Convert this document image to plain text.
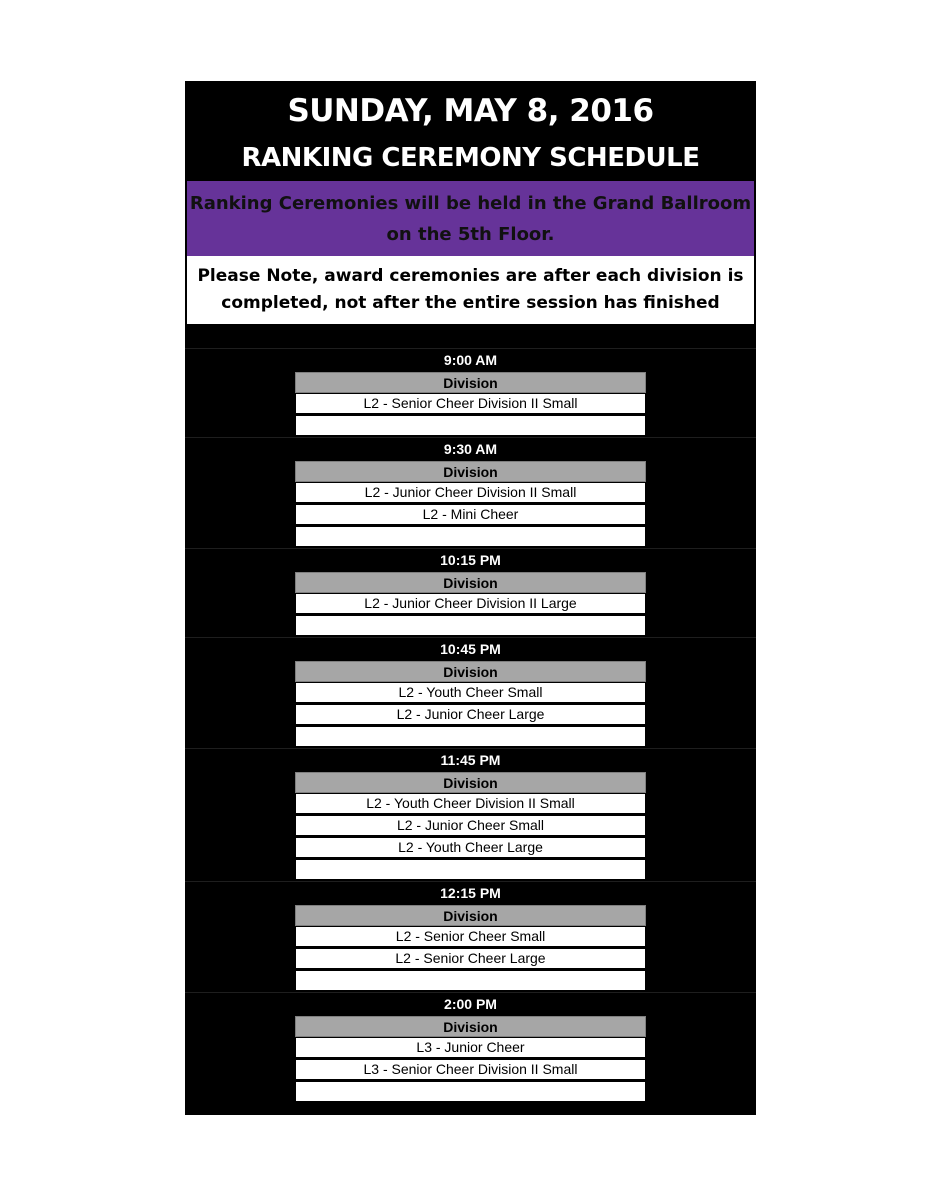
SUNDAY, MAY 8, 2016
RANKING CEREMONY SCHEDULE
Ranking Ceremonies will be held in the Grand Ballroom
on the 5th Floor.
Please Note, award ceremonies are after each division is
completed, not after the entire session has finished
9:00 AM
Division
L2 - Senior Cheer Division II Small
9:30 AM
Division
L2 - Junior Cheer Division II Small
L2 - Mini Cheer
10:15 PM
Division
L2 - Junior Cheer Division II Large
10:45 PM
Division
L2 - Youth Cheer Small
L2 - Junior Cheer Large
11:45 PM
Division
L2 - Youth Cheer Division II Small
L2 - Junior Cheer Small
L2 - Youth Cheer Large
12:15 PM
Division
L2 - Senior Cheer Small
L2 - Senior Cheer Large
2:00 PM
Division
L3 - Junior Cheer
L3 - Senior Cheer Division II Small
